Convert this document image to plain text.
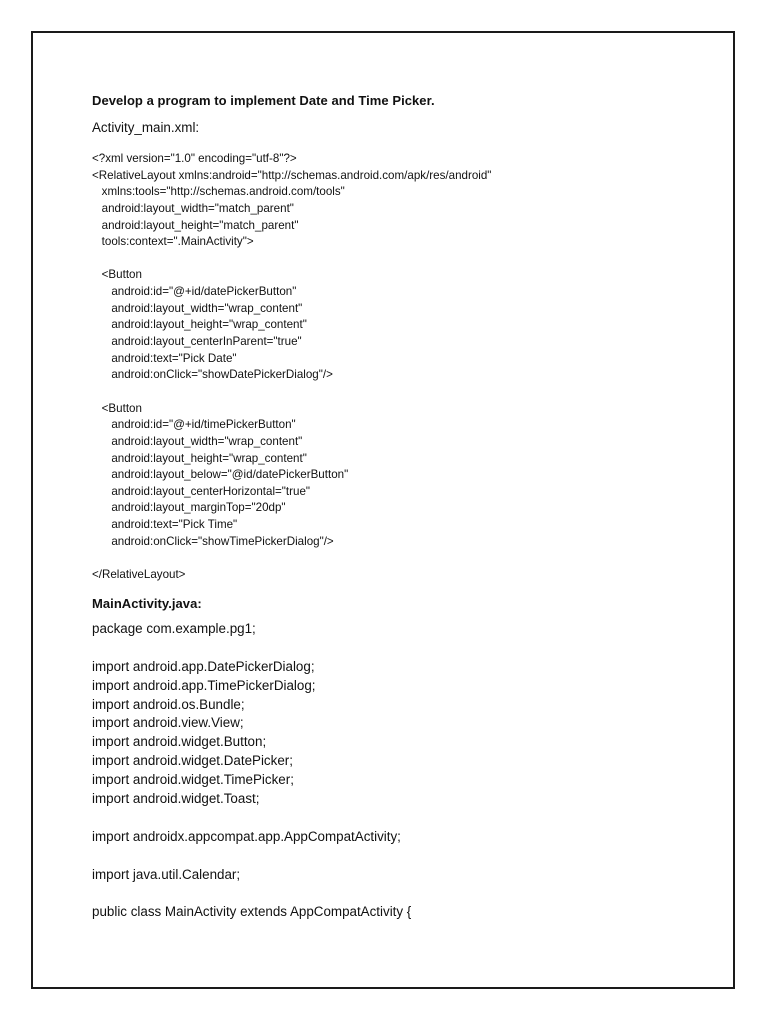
Develop a program to implement Date and Time Picker.

Activity_main.xml:

<?xml version="1.0" encoding="utf-8"?>
<RelativeLayout xmlns:android="http://schemas.android.com/apk/res/android"
xmlns:tools="http://schemas.android.com/tools"
android:layout_width="match_parent"
android:layout_height="match_parent"
tools:context=".MainActivity">
<Button
android:id="@+id/datePickerButton"
android:layout_width="wrap_content"
android:layout_height="wrap_content"
android:layout_centerInParent="true"
android:text="Pick Date"
android:onClick="showDatePickerDialog"/>
<Button
android:id="@+id/timePickerButton"
android:layout_width="wrap_content"
android:layout_height="wrap_content"
android:layout_below="@id/datePickerButton"
android:layout_centerHorizontal="true"
android:layout_marginTop="20dp"
android:text="Pick Time"
android:onClick="showTimePickerDialog"/>
</RelativeLayout>

MainActivity.java:

package com.example.pg1;
import android.app.DatePickerDialog;
import android.app.TimePickerDialog;
import android.os.Bundle;
import android.view.View;
import android.widget.Button;
import android.widget.DatePicker;
import android.widget.TimePicker;
import android.widget.Toast;
import androidx.appcompat.app.AppCompatActivity;
import java.util.Calendar;
public class MainActivity extends AppCompatActivity {
